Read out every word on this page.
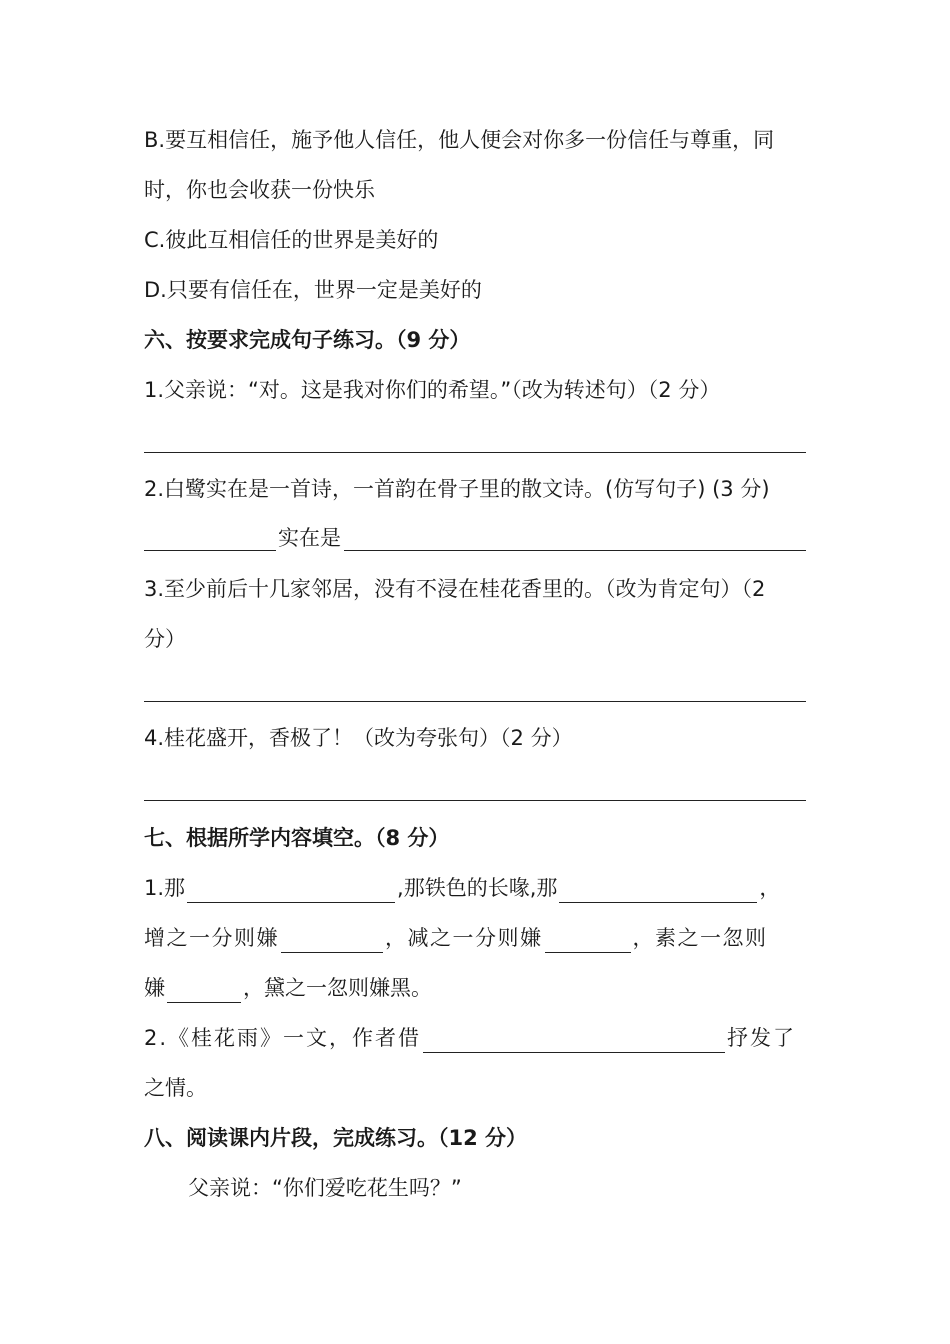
B.要互相信任，施予他人信任，他人便会对你多一份信任与尊重，同
时，你也会收获一份快乐
C.彼此互相信任的世界是美好的
D.只要有信任在，世界一定是美好的
六、按要求完成句子练习。（9 分）
1.父亲说：“对。这是我对你们的希望。”（改为转述句）（2 分）
2.白鹭实在是一首诗，一首韵在骨子里的散文诗。(仿写句子) (3 分)
实在是
3.至少前后十几家邻居，没有不浸在桂花香里的。（改为肯定句）（2
分）
4.桂花盛开，香极了！（改为夸张句）（2 分）
七、根据所学内容填空。（8 分）
1.那	,那铁色的长喙,那	，
增之一分则嫌	，减之一分则嫌	，素之一忽则
嫌	，黛之一忽则嫌黑。
2.《桂花雨》一文，作者借	抒发了
之情。
八、阅读课内片段，完成练习。（12 分）
父亲说：“你们爱吃花生吗？”
